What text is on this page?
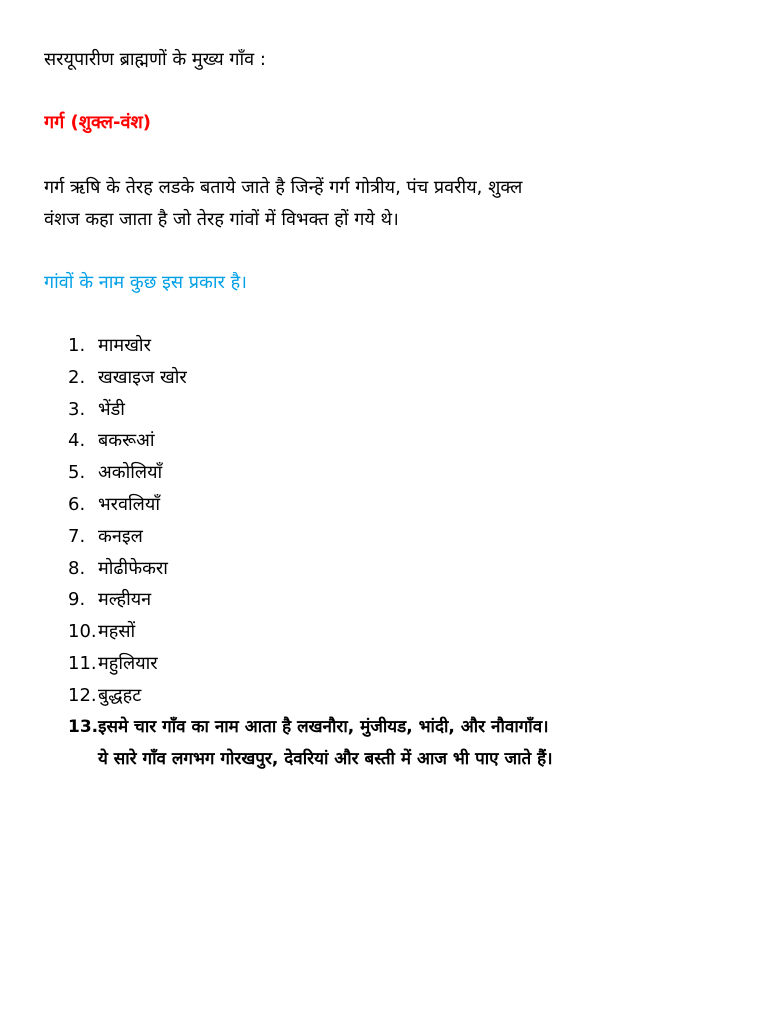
सरयूपारीण ब्राह्मणों के मुख्य गाँव :
गर्ग (शुक्ल-वंश)
गर्ग ऋषि के तेरह लडके बताये जाते है जिन्हें गर्ग गोत्रीय, पंच प्रवरीय, शुक्ल
वंशज कहा जाता है जो तेरह गांवों में विभक्त हों गये थे।
गांवों के नाम कुछ इस प्रकार है।
1. मामखोर
2. खखाइज खोर
3. भेंडी
4. बकरूआं
5. अकोलियाँ
6. भरवलियाँ
7. कनइल
8. मोढीफेकरा
9. मल्हीयन
10. महसों
11. महुलियार
12. बुद्धहट
13.इसमे चार गाँव का नाम आता है लखनौरा, मुंजीयड, भांदी, और नौवागाँव।
ये सारे गाँव लगभग गोरखपुर, देवरियां और बस्ती में आज भी पाए जाते हैं।
